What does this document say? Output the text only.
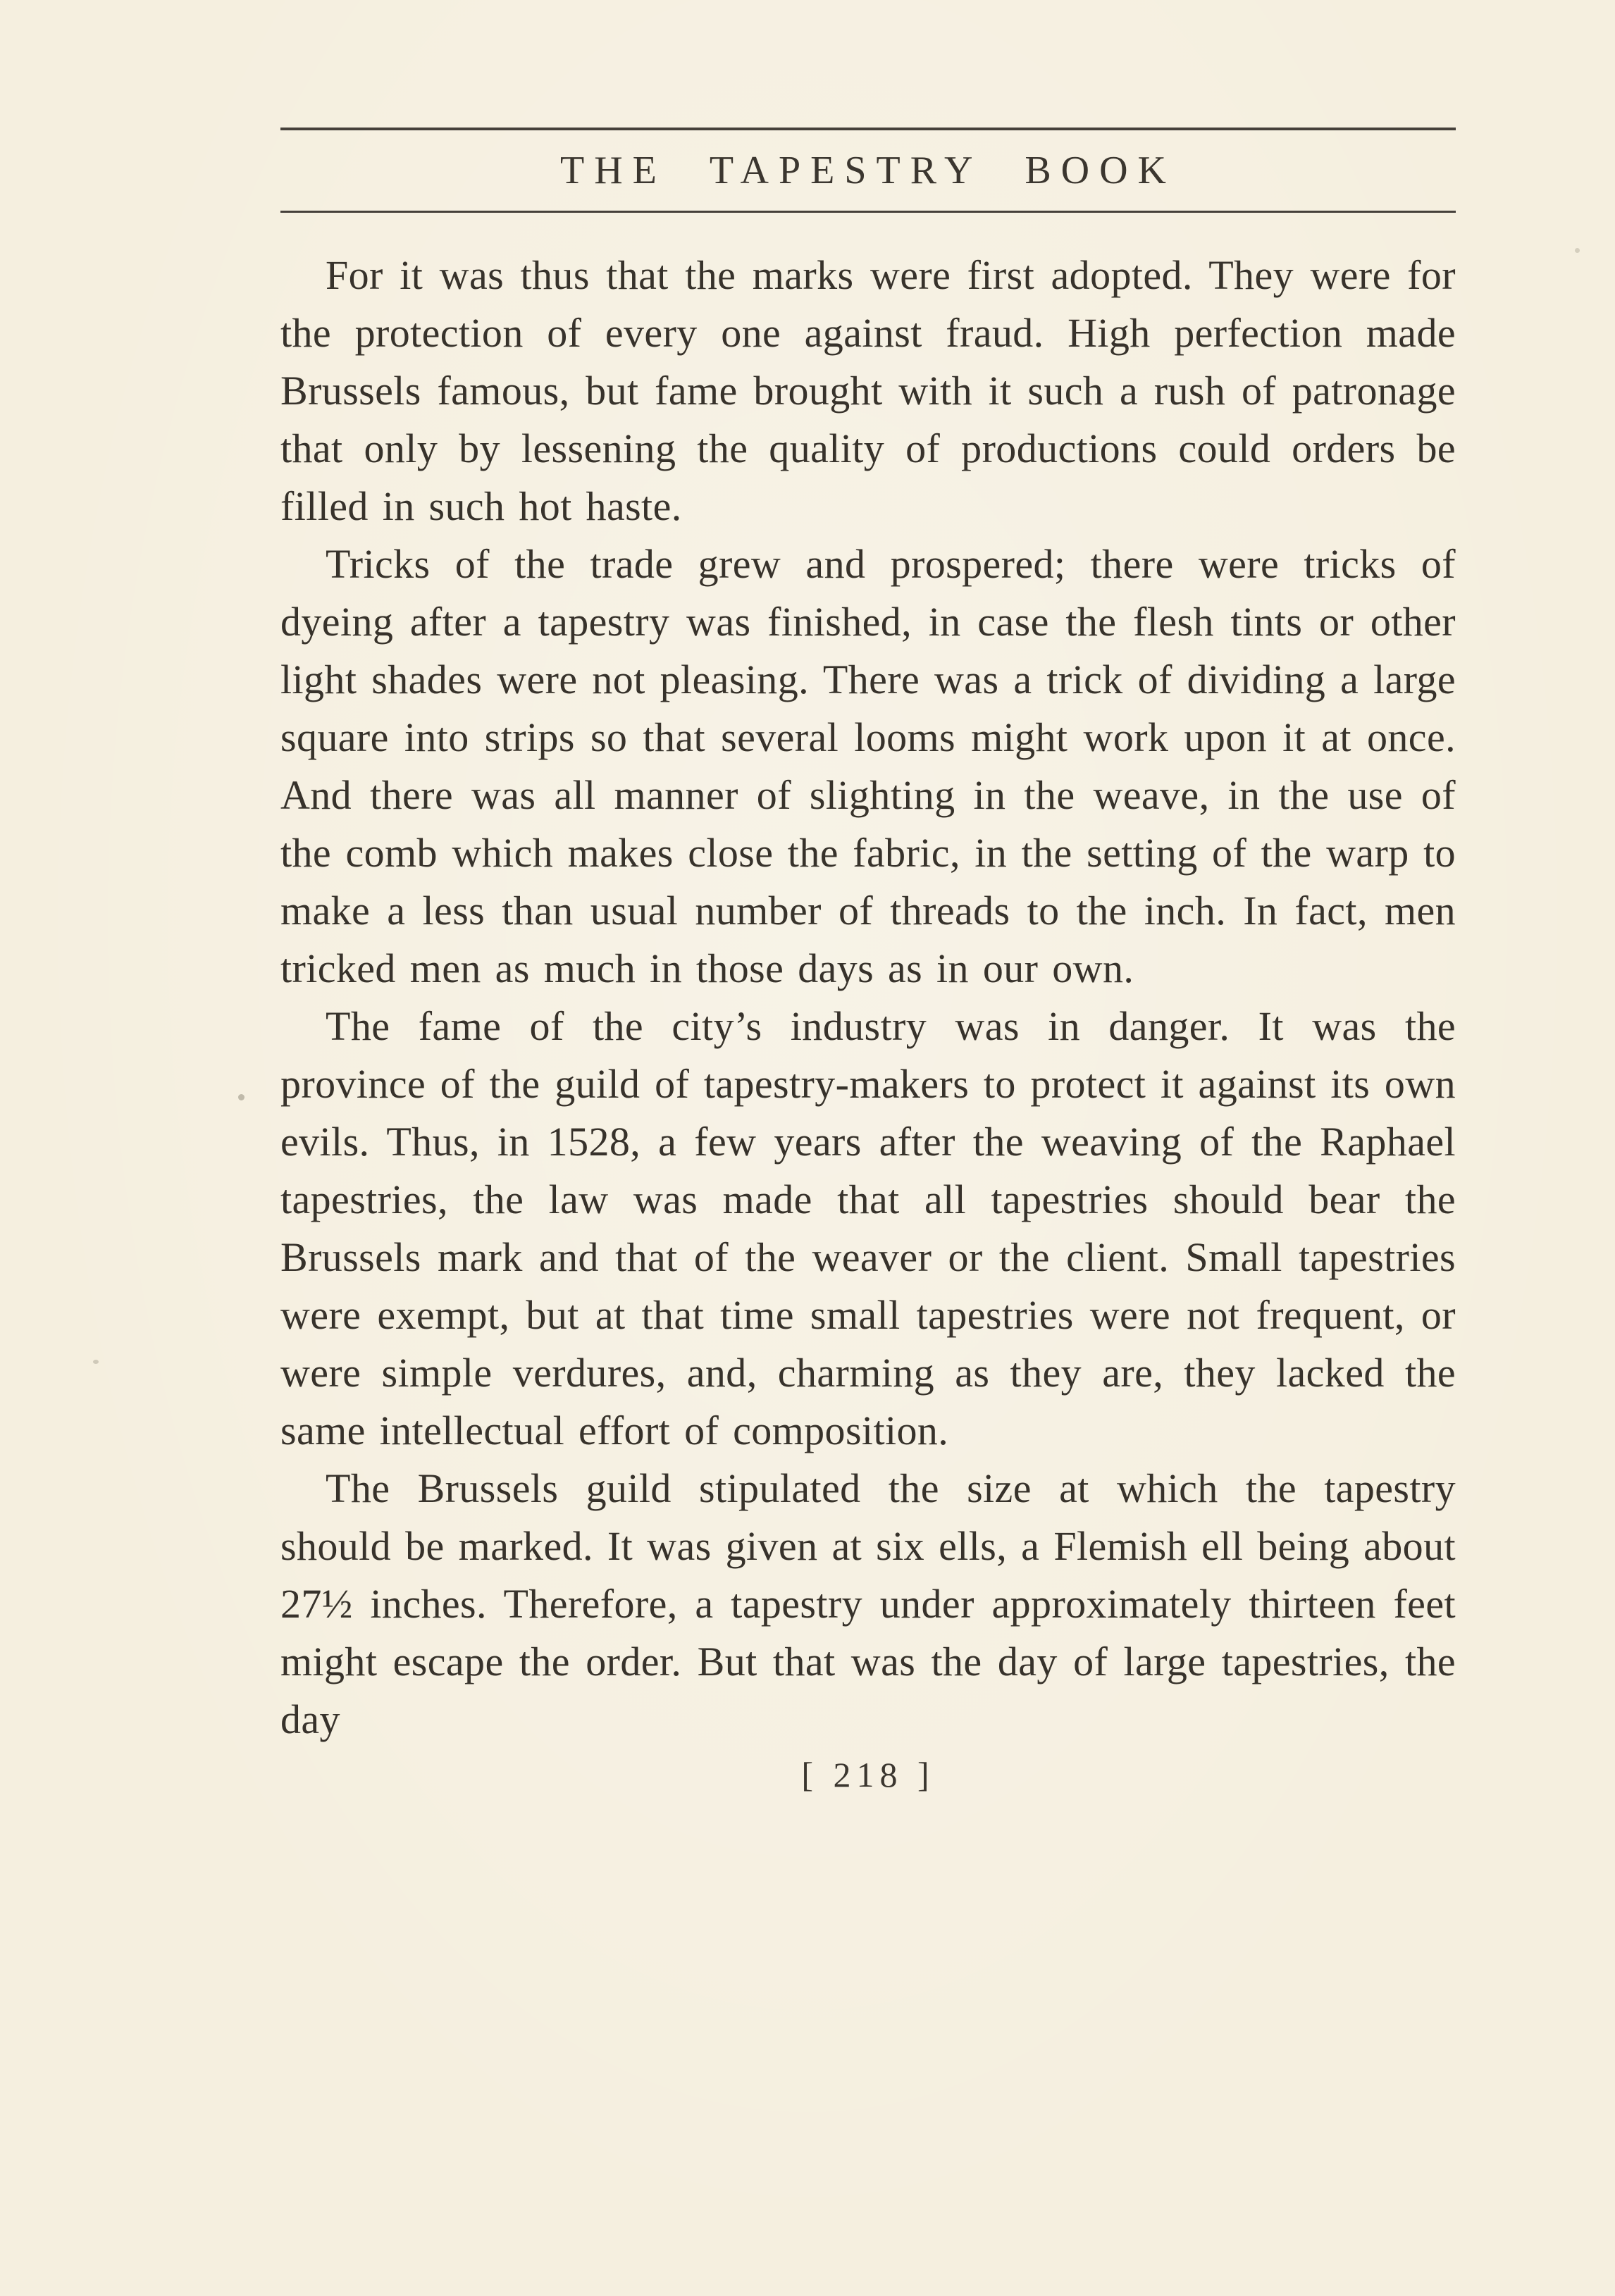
THE TAPESTRY BOOK

For it was thus that the marks were first adopted. They were for the protection of every one against fraud. High perfection made Brussels famous, but fame brought with it such a rush of patronage that only by lessening the quality of productions could orders be filled in such hot haste.

Tricks of the trade grew and prospered; there were tricks of dyeing after a tapestry was finished, in case the flesh tints or other light shades were not pleasing. There was a trick of dividing a large square into strips so that several looms might work upon it at once. And there was all manner of slighting in the weave, in the use of the comb which makes close the fabric, in the setting of the warp to make a less than usual number of threads to the inch. In fact, men tricked men as much in those days as in our own.

The fame of the city’s industry was in danger. It was the province of the guild of tapestry-makers to protect it against its own evils. Thus, in 1528, a few years after the weaving of the Raphael tapestries, the law was made that all tapestries should bear the Brussels mark and that of the weaver or the client. Small tapestries were exempt, but at that time small tapestries were not frequent, or were simple verdures, and, charming as they are, they lacked the same intellectual effort of composition.

The Brussels guild stipulated the size at which the tapestry should be marked. It was given at six ells, a Flemish ell being about 27½ inches. Therefore, a tapestry under approximately thirteen feet might escape the order. But that was the day of large tapestries, the day

[ 218 ]
